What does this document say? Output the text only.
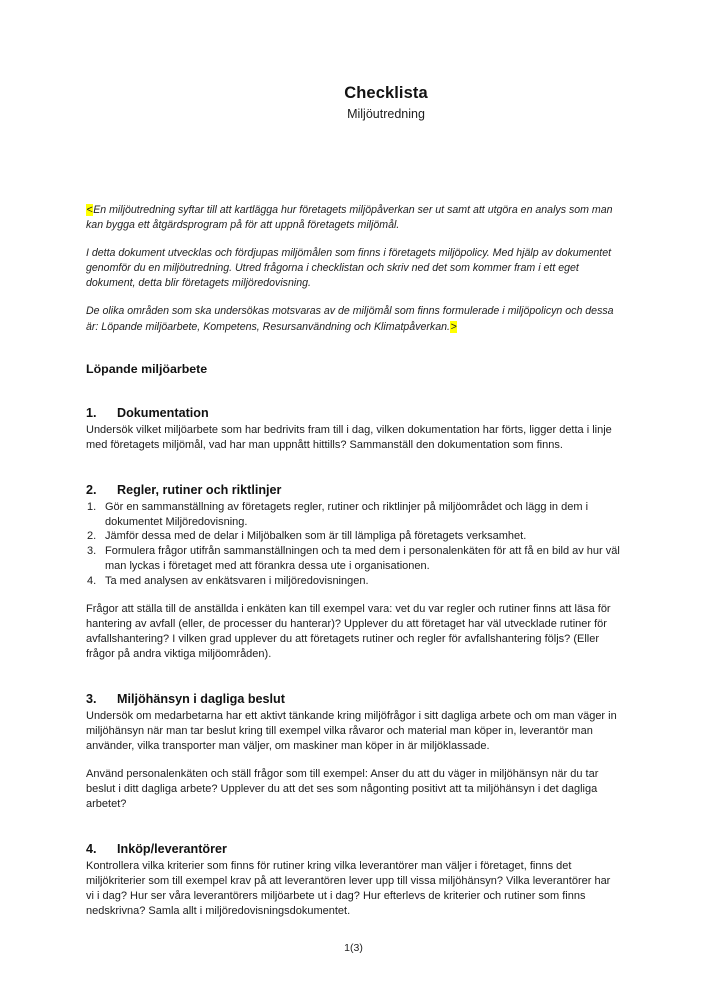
Checklista
Miljöutredning

<En miljöutredning syftar till att kartlägga hur företagets miljöpåverkan ser ut samt att utgöra en analys som man kan bygga ett åtgärdsprogram på för att uppnå företagets miljömål.

I detta dokument utvecklas och fördjupas miljömålen som finns i företagets miljöpolicy. Med hjälp av dokumentet genomför du en miljöutredning. Utred frågorna i checklistan och skriv ned det som kommer fram i ett eget dokument, detta blir företagets miljöredovisning.

De olika områden som ska undersökas motsvaras av de miljömål som finns formulerade i miljöpolicyn och dessa är: Löpande miljöarbete, Kompetens, Resursanvändning och Klimatpåverkan.>

Löpande miljöarbete
1.	Dokumentation

Undersök vilket miljöarbete som har bedrivits fram till i dag, vilken dokumentation har förts, ligger detta i linje med företagets miljömål, vad har man uppnått hittills? Sammanställ den dokumentation som finns.

2.	Regler, rutiner och riktlinjer
Gör en sammanställning av företagets regler, rutiner och riktlinjer på miljöområdet och lägg in dem i dokumentet Miljöredovisning.
Jämför dessa med de delar i Miljöbalken som är till lämpliga på företagets verksamhet.
Formulera frågor utifrån sammanställningen och ta med dem i personalenkäten för att få en bild av hur väl man lyckas i företaget med att förankra dessa ute i organisationen.
Ta med analysen av enkätsvaren i miljöredovisningen.

Frågor att ställa till de anställda i enkäten kan till exempel vara: vet du var regler och rutiner finns att läsa för hantering av avfall (eller, de processer du hanterar)? Upplever du att företaget har väl utvecklade rutiner för avfallshantering? I vilken grad upplever du att företagets rutiner och regler för avfallshantering följs? (Eller frågor på andra viktiga miljöområden).

3.	Miljöhänsyn i dagliga beslut

Undersök om medarbetarna har ett aktivt tänkande kring miljöfrågor i sitt dagliga arbete och om man väger in miljöhänsyn när man tar beslut kring till exempel vilka råvaror och material man köper in, leverantör man använder, vilka transporter man väljer, om maskiner man köper in är miljöklassade.

Använd personalenkäten och ställ frågor som till exempel: Anser du att du väger in miljöhänsyn när du tar beslut i ditt dagliga arbete? Upplever du att det ses som någonting positivt att ta miljöhänsyn i det dagliga arbetet?

4.	Inköp/leverantörer

Kontrollera vilka kriterier som finns för rutiner kring vilka leverantörer man väljer i företaget, finns det miljökriterier som till exempel krav på att leverantören lever upp till vissa miljöhänsyn? Vilka leverantörer har vi i dag? Hur ser våra leverantörers miljöarbete ut i dag? Hur efterlevs de kriterier och rutiner som finns nedskrivna? Samla allt i miljöredovisningsdokumentet.

1(3)
